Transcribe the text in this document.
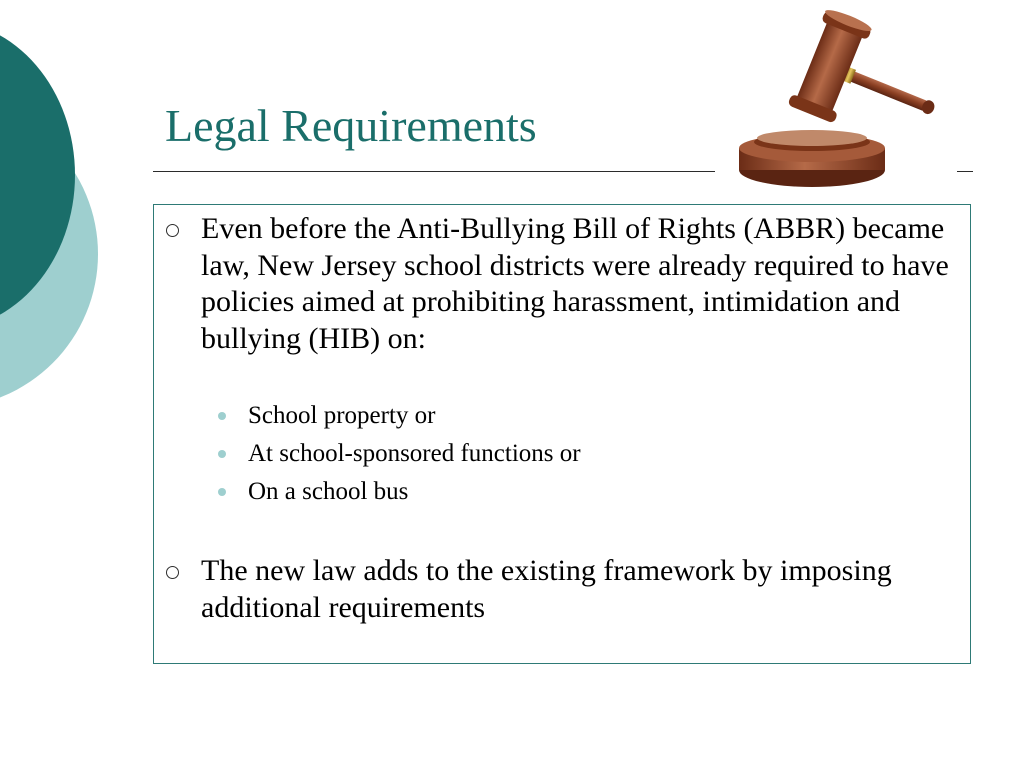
Legal Requirements
Even before the Anti-Bullying Bill of Rights (ABBR) became law, New Jersey school districts were already required to have policies aimed at prohibiting harassment, intimidation and bullying (HIB) on:
School property or
At school-sponsored functions or
On a school bus
The new law adds to the existing framework by imposing additional requirements
